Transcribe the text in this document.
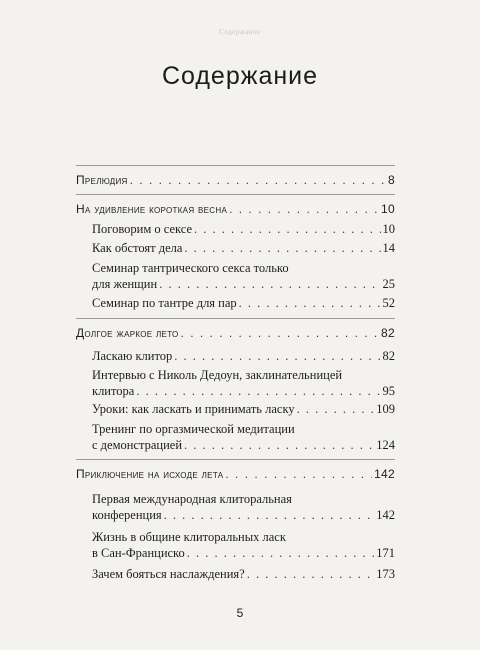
Содержание
Содержание
Прелюдия . . .	8
На удивление короткая весна . . .	10
Поговорим о сексе . . .	10
Как обстоят дела . . .	14
Семинар тантрического секса только
для женщин . . .	25
Семинар по тантре для пар . . .	52
Долгое жаркое лето . . .	82
Ласкаю клитор . . .	82
Интервью с Николь Дедоун, заклинательницей
клитора . . .	95
Уроки: как ласкать и принимать ласку . . .	109
Тренинг по оргазмической медитации
с демонстрацией . . .	124
Приключение на исходе лета . . .	142
Первая международная клиторальная
конференция . . .	142
Жизнь в общине клиторальных ласк
в Сан-Франциско . . .	171
Зачем бояться наслаждения? . . .	173
5
